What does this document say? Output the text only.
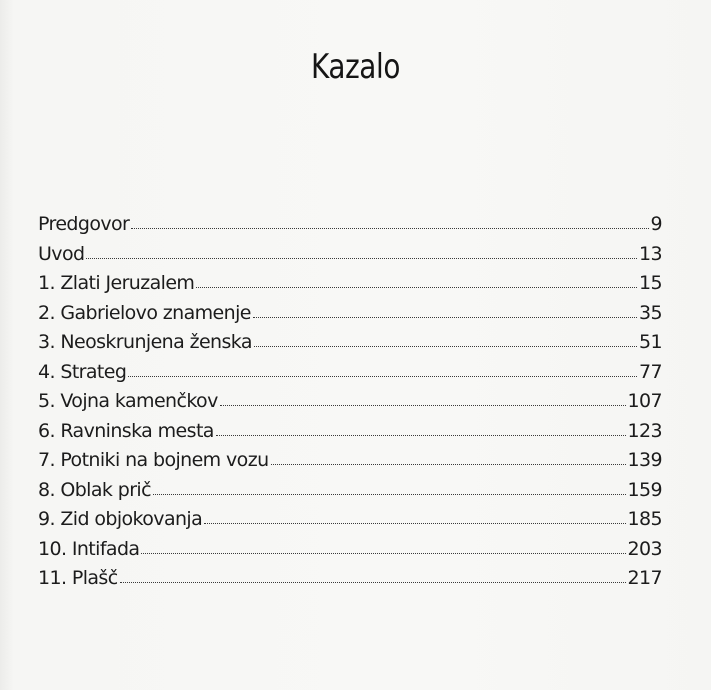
Kazalo
Predgovor	9
Uvod	13
1. Zlati Jeruzalem	15
2. Gabrielovo znamenje	35
3. Neoskrunjena ženska	51
4. Strateg	77
5. Vojna kamenčkov	107
6. Ravninska mesta	123
7. Potniki na bojnem vozu	139
8. Oblak prič	159
9. Zid objokovanja	185
10. Intifada	203
11. Plašč	217
